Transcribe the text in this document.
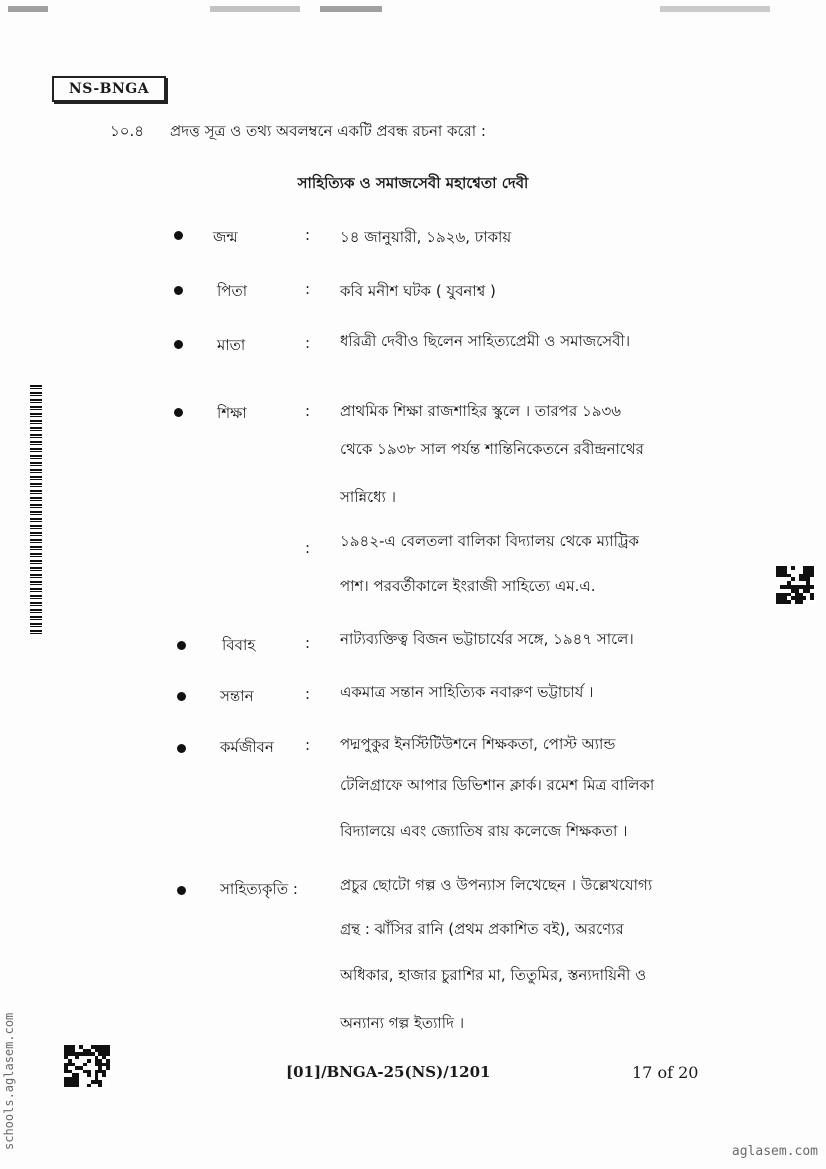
NS-BNGA
১০.৪ প্রদত্ত সূত্র ও তথ্য অবলম্বনে একটি প্রবন্ধ রচনা করো :
সাহিত্যিক ও সমাজসেবী মহাশ্বেতা দেবী
জন্ম	: ১৪ জানুয়ারী, ১৯২৬, ঢাকায়
পিতা	: কবি মনীশ ঘটক ( যুবনাশ্ব )
মাতা	: ধরিত্রী দেবীও ছিলেন সাহিত্যপ্রেমী ও সমাজসেবী।
শিক্ষা	: প্রাথমিক শিক্ষা রাজশাহির স্কুলে । তারপর ১৯৩৬
থেকে ১৯৩৮ সাল পর্যন্ত শান্তিনিকেতনে রবীন্দ্রনাথের
সান্নিধ্যে ।
: ১৯৪২-এ বেলতলা বালিকা বিদ্যালয় থেকে ম্যাট্রিক
পাশ। পরবর্তীকালে ইংরাজী সাহিত্যে এম.এ.
বিবাহ	: নাট্যব্যক্তিত্ব বিজন ভট্টাচার্যের সঙ্গে, ১৯৪৭ সালে।
সন্তান	: একমাত্র সন্তান সাহিত্যিক নবারুণ ভট্টাচার্য ।
কর্মজীবন : পদ্মপুকুর ইনস্টিটিউশনে শিক্ষকতা, পোস্ট অ্যান্ড
টেলিগ্রাফে আপার ডিভিশান ক্লার্ক। রমেশ মিত্র বালিকা
বিদ্যালয়ে এবং জ্যোতিষ রায় কলেজে শিক্ষকতা ।
সাহিত্যকৃতি :	প্রচুর ছোটো গল্প ও উপন্যাস লিখেছেন । উল্লেখযোগ্য
গ্রন্থ : ঝাঁসির রানি (প্রথম প্রকাশিত বই), অরণ্যের
অধিকার, হাজার চুরাশির মা, তিতুমির, স্তন্যদায়িনী ও
অন্যান্য গল্প ইত্যাদি ।
[01]/BNGA-25(NS)/1201	17 of 20
schools.aglasem.com
aglasem.com
